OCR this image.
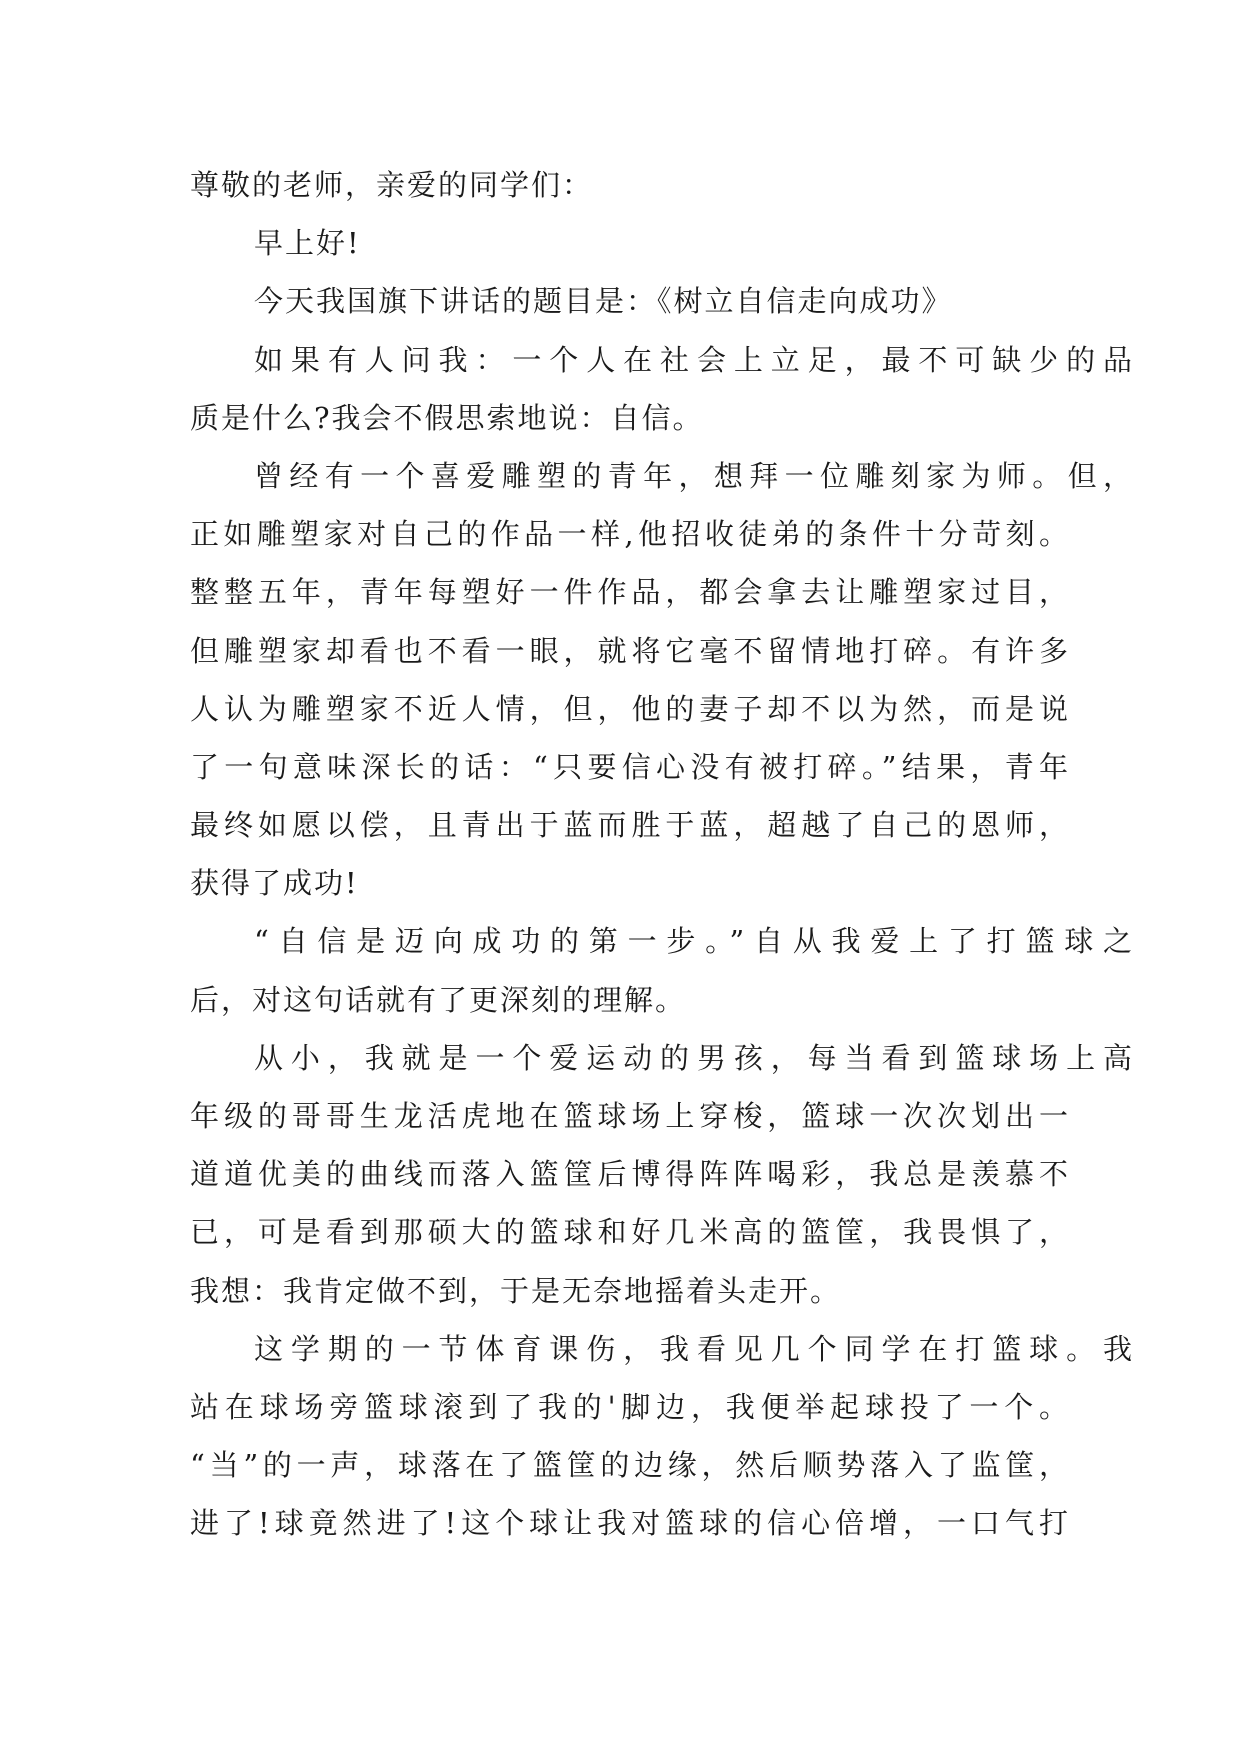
尊敬的老师，亲爱的同学们：
早上好!
今天我国旗下讲话的题目是：《树立自信走向成功》
如果有人问我：一个人在社会上立足，最不可缺少的品
质是什么?我会不假思索地说：自信。
曾经有一个喜爱雕塑的青年，想拜一位雕刻家为师。但，
正如雕塑家对自己的作品一样,他招收徒弟的条件十分苛刻。
整整五年，青年每塑好一件作品，都会拿去让雕塑家过目，
但雕塑家却看也不看一眼，就将它毫不留情地打碎。有许多
人认为雕塑家不近人情，但，他的妻子却不以为然，而是说
了一句意味深长的话：“只要信心没有被打碎。”结果，青年
最终如愿以偿，且青出于蓝而胜于蓝，超越了自己的恩师，
获得了成功!
“自信是迈向成功的第一步。”自从我爱上了打篮球之
后，对这句话就有了更深刻的理解。
从小，我就是一个爱运动的男孩，每当看到篮球场上高
年级的哥哥生龙活虎地在篮球场上穿梭，篮球一次次划出一
道道优美的曲线而落入篮筐后博得阵阵喝彩，我总是羡慕不
已，可是看到那硕大的篮球和好几米高的篮筐，我畏惧了，
我想：我肯定做不到，于是无奈地摇着头走开。
这学期的一节体育课伤，我看见几个同学在打篮球。我
站在球场旁篮球滚到了我的'脚边，我便举起球投了一个。
“当”的一声，球落在了篮筐的边缘，然后顺势落入了监筐，
进了!球竟然进了!这个球让我对篮球的信心倍增，一口气打
